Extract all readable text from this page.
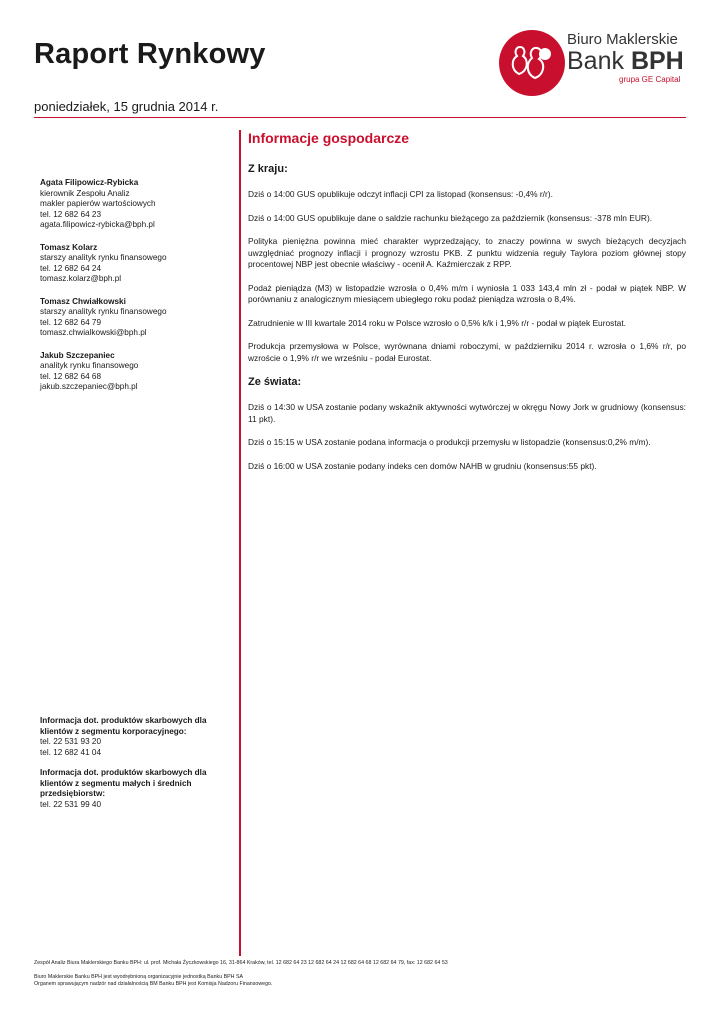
Raport Rynkowy
poniedziałek, 15 grudnia 2014 r.
Biuro Maklerskie
Bank BPH
grupa GE Capital
Agata Filipowicz-Rybicka
kierownik Zespołu Analiz
makler papierów wartościowych
tel. 12 682 64 23
agata.filipowicz-rybicka@bph.pl
Tomasz Kolarz
starszy analityk rynku finansowego
tel. 12 682 64 24
tomasz.kolarz@bph.pl
Tomasz Chwiałkowski
starszy analityk rynku finansowego
tel. 12 682 64 79
tomasz.chwialkowski@bph.pl
Jakub Szczepaniec
analityk rynku finansowego
tel. 12 682 64 68
jakub.szczepaniec@bph.pl
Informacja dot. produktów skarbowych dla klientów z segmentu korporacyjnego:
tel. 22 531 93 20
tel. 12 682 41 04
Informacja dot. produktów skarbowych dla klientów z segmentu małych i średnich przedsiębiorstw:
tel. 22 531 99 40
Informacje gospodarcze
Z kraju:

Dziś o 14:00 GUS opublikuje odczyt inflacji CPI za listopad (konsensus: -0,4% r/r).

Dziś o 14:00 GUS opublikuje dane o saldzie rachunku bieżącego za październik (konsensus: -378 mln EUR).

Polityka pieniężna powinna mieć charakter wyprzedzający, to znaczy powinna w swych bieżących decyzjach uwzględniać prognozy inflacji i prognozy wzrostu PKB. Z punktu widzenia reguły Taylora poziom głównej stopy procentowej NBP jest obecnie właściwy - ocenił A. Kaźmierczak z RPP.

Podaż pieniądza (M3) w listopadzie wzrosła o 0,4% m/m i wyniosła 1 033 143,4 mln zł - podał w piątek NBP. W porównaniu z analogicznym miesiącem ubiegłego roku podaż pieniądza wzrosła o 8,4%.

Zatrudnienie w III kwartale 2014 roku w Polsce wzrosło o 0,5% k/k i 1,9% r/r - podał w piątek Eurostat.

Produkcja przemysłowa w Polsce, wyrównana dniami roboczymi, w październiku 2014 r. wzrosła o 1,6% r/r, po wzroście o 1,9% r/r we wrześniu - podał Eurostat.

Ze świata:

Dziś o 14:30 w USA zostanie podany wskaźnik aktywności wytwórczej w okręgu Nowy Jork w grudniowy (konsensus: 11 pkt).

Dziś o 15:15 w USA zostanie podana informacja o produkcji przemysłu w listopadzie (konsensus:0,2% m/m).

Dziś o 16:00 w USA zostanie podany indeks cen domów NAHB w grudniu (konsensus:55 pkt).

Zespół Analiz Biura Maklerskiego Banku BPH: ul. prof. Michała Życzkowskiego 16, 31-864 Kraków, tel. 12 682 64 23 12 682 64 24 12 682 64 68 12 682 64 79, fax: 12 682 64 53
Biuro Maklerskie Banku BPH jest wyodrębnioną organizacyjnie jednostką Banku BPH SA
Organem sprawującym nadzór nad działalnością BM Banku BPH jest Komisja Nadzoru Finansowego.
